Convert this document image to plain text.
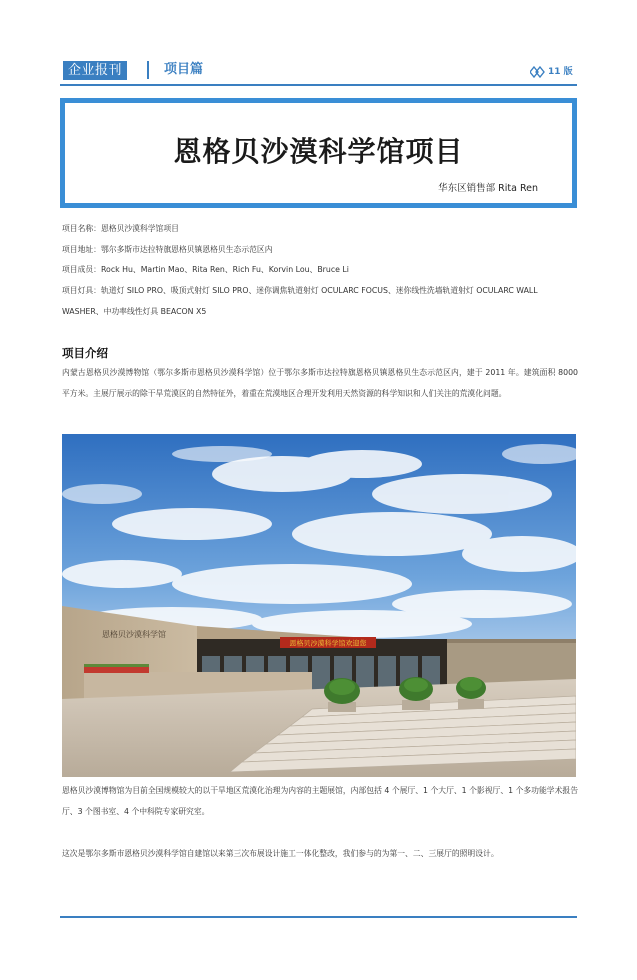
企业报刊	项目篇	11 版
恩格贝沙漠科学馆项目
华东区销售部 Rita Ren

项目名称：恩格贝沙漠科学馆项目

项目地址：鄂尔多斯市达拉特旗恩格贝镇恩格贝生态示范区内

项目成员：Rock Hu、Martin Mao、Rita Ren、Rich Fu、Korvin Lou、Bruce Li

项目灯具：轨道灯 SILO PRO、吸顶式射灯 SILO PRO、迷你调焦轨道射灯 OCULARC FOCUS、迷你线性洗墙轨道射灯 OCULARC WALL WASHER、中功率线性灯具 BEACON X5

项目介绍
内蒙古恩格贝沙漠博物馆（鄂尔多斯市恩格贝沙漠科学馆）位于鄂尔多斯市达拉特旗恩格贝镇恩格贝生态示范区内，建于 2011 年。建筑面积 8000 平方米。主展厅展示的除干旱荒漠区的自然特征外，着重在荒漠地区合理开发利用天然资源的科学知识和人们关注的荒漠化问题。
恩格贝沙漠科学馆欢迎您
恩格贝沙漠科学馆
恩格贝沙漠博物馆为目前全国规模较大的以干旱地区荒漠化治理为内容的主题展馆，内部包括 4 个展厅、1 个大厅、1 个影视厅、1 个多功能学术报告厅、3 个图书室、4 个中科院专家研究室。
这次是鄂尔多斯市恩格贝沙漠科学馆自建馆以来第三次布展设计施工一体化整改，我们参与的为第一、二、三展厅的照明设计。
